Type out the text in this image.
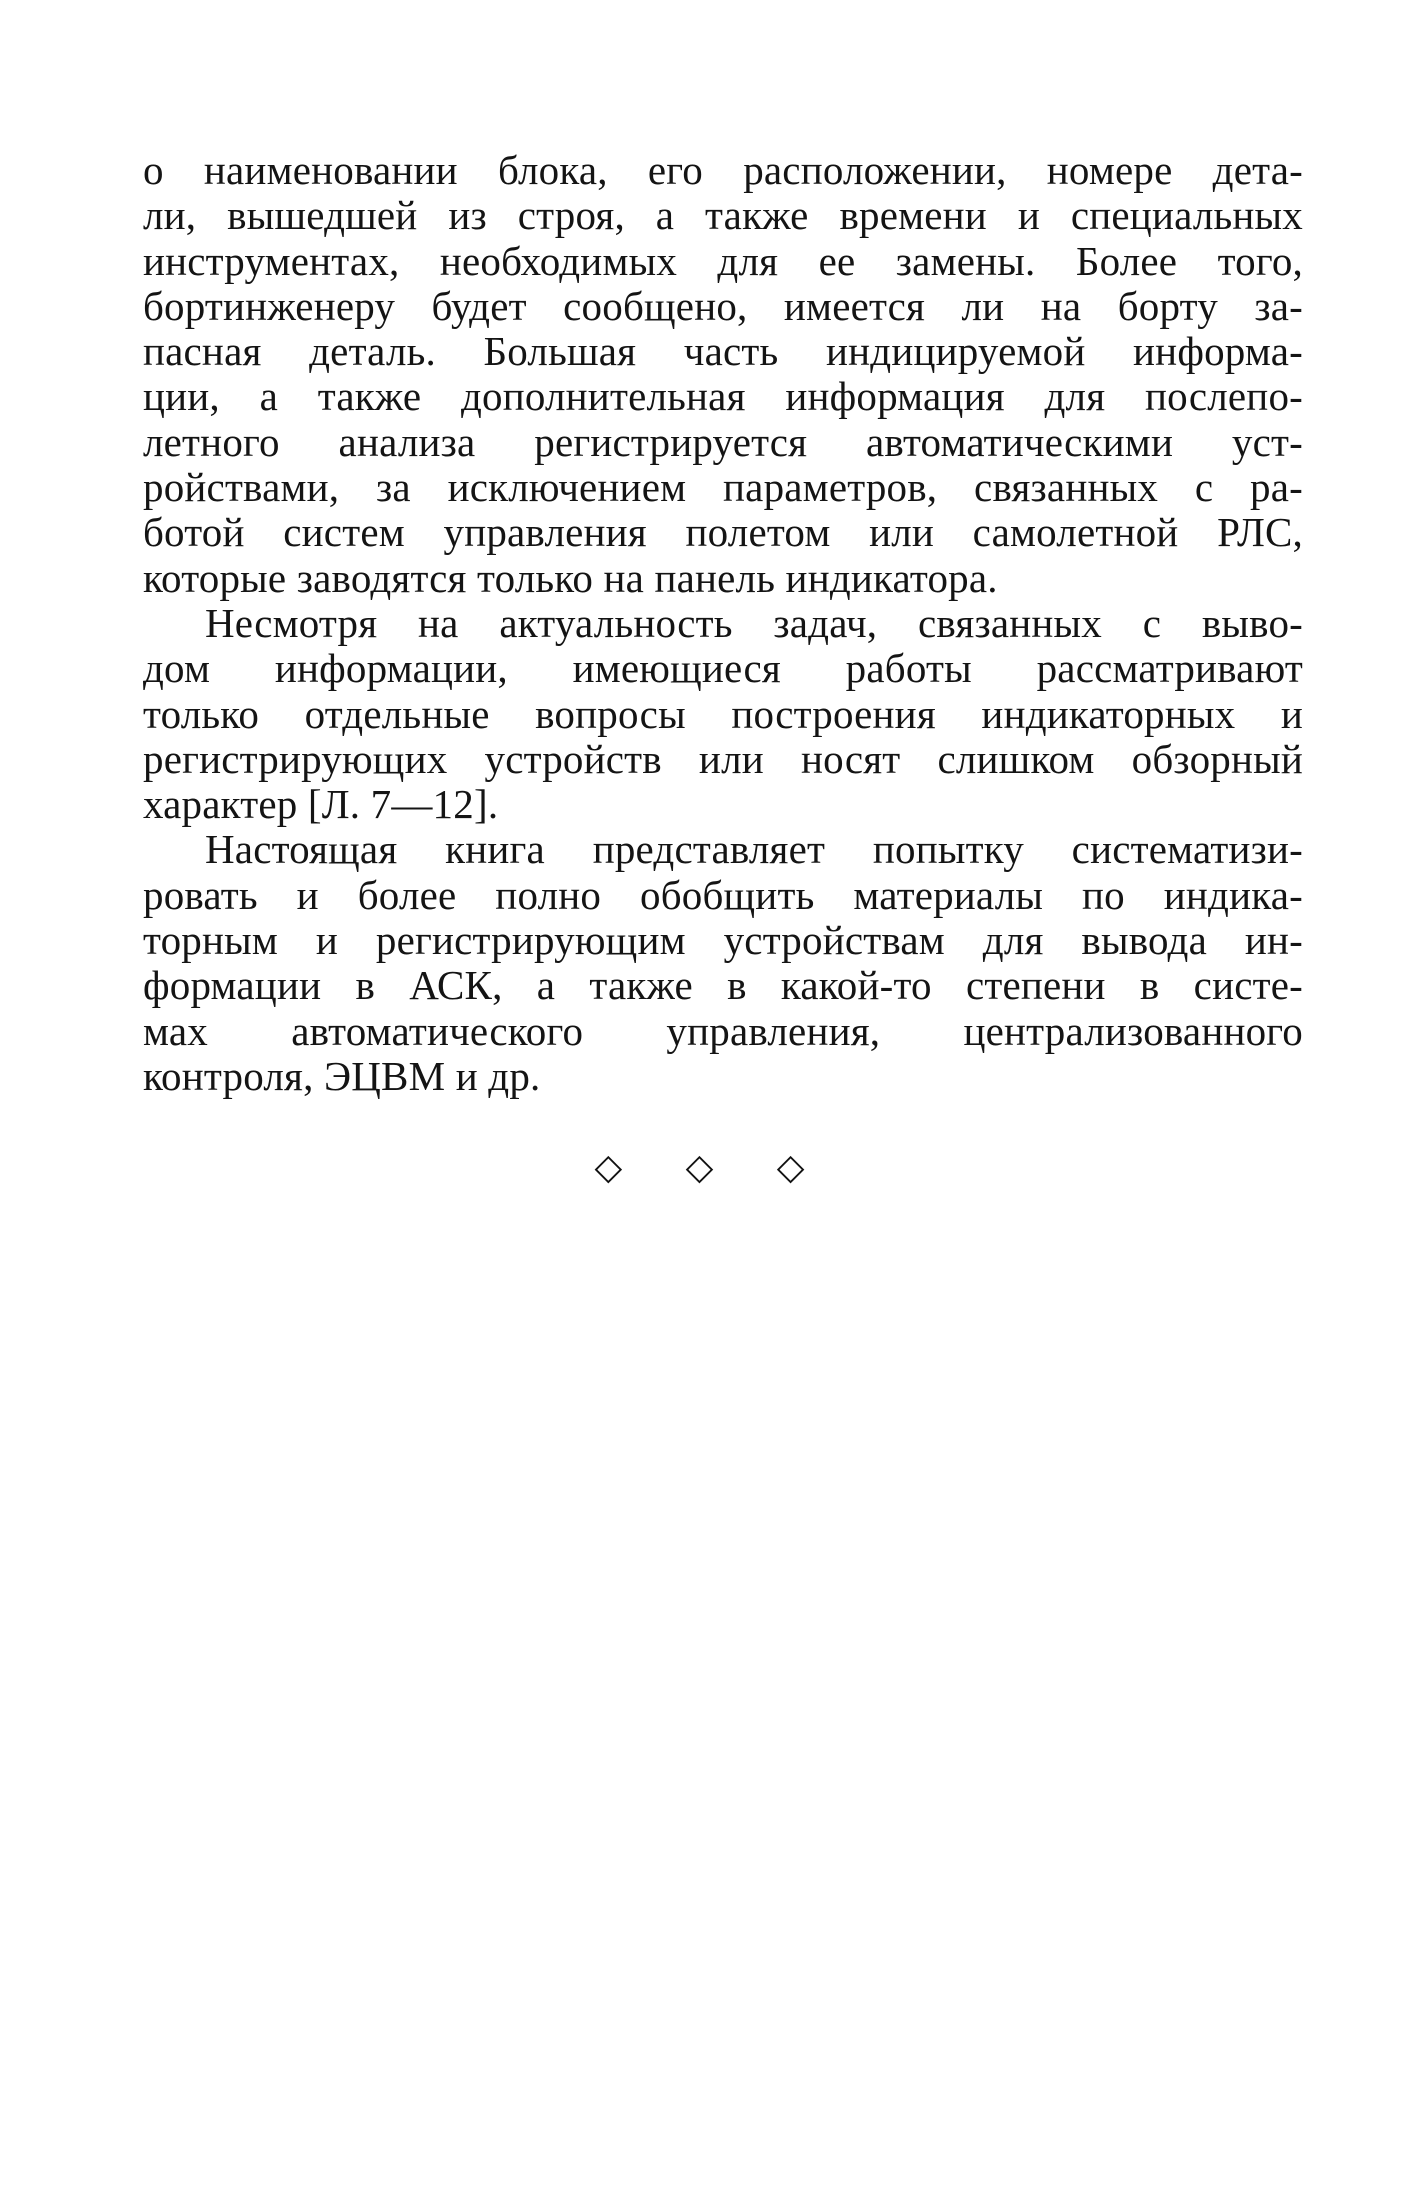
о наименовании блока, его расположении, номере дета-
ли, вышедшей из строя, а также времени и специальных
инструментах, необходимых для ее замены. Более того,
бортинженеру будет сообщено, имеется ли на борту за-
пасная деталь. Большая часть индицируемой информа-
ции, а также дополнительная информация для послепо-
летного анализа регистрируется автоматическими уст-
ройствами, за исключением параметров, связанных с ра-
ботой систем управления полетом или самолетной РЛС,
которые заводятся только на панель индикатора.
Несмотря на актуальность задач, связанных с выво-
дом информации, имеющиеся работы рассматривают
только отдельные вопросы построения индикаторных и
регистрирующих устройств или носят слишком обзорный
характер [Л. 7—12].
Настоящая книга представляет попытку систематизи-
ровать и более полно обобщить материалы по индика-
торным и регистрирующим устройствам для вывода ин-
формации в АСК, а также в какой-то степени в систе-
мах автоматического управления, централизованного
контроля, ЭЦВМ и др.
◇ ◇ ◇
